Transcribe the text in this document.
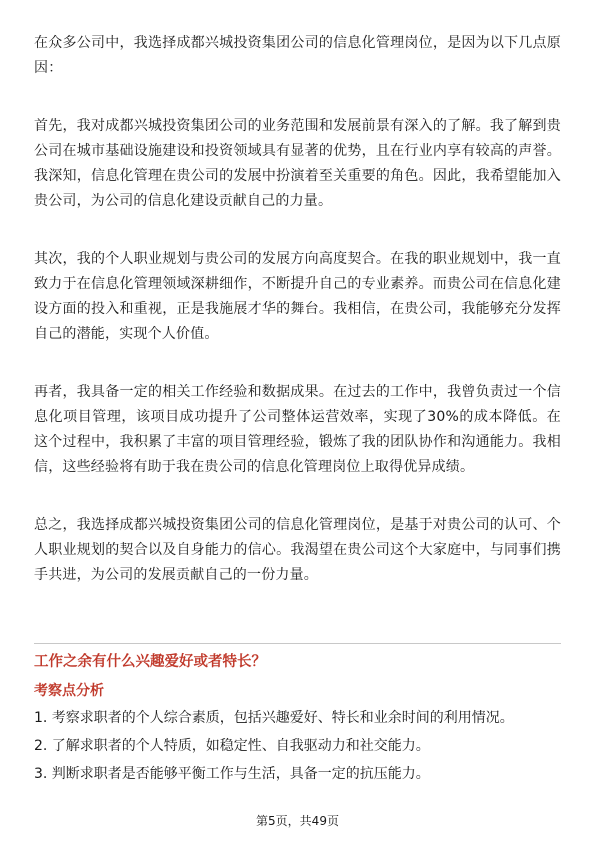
在众多公司中，我选择成都兴城投资集团公司的信息化管理岗位，是因为以下几点原因：

首先，我对成都兴城投资集团公司的业务范围和发展前景有深入的了解。我了解到贵公司在城市基础设施建设和投资领域具有显著的优势，且在行业内享有较高的声誉。我深知，信息化管理在贵公司的发展中扮演着至关重要的角色。因此，我希望能加入贵公司，为公司的信息化建设贡献自己的力量。

其次，我的个人职业规划与贵公司的发展方向高度契合。在我的职业规划中，我一直致力于在信息化管理领域深耕细作，不断提升自己的专业素养。而贵公司在信息化建设方面的投入和重视，正是我施展才华的舞台。我相信，在贵公司，我能够充分发挥自己的潜能，实现个人价值。

再者，我具备一定的相关工作经验和数据成果。在过去的工作中，我曾负责过一个信息化项目管理，该项目成功提升了公司整体运营效率，实现了30%的成本降低。在这个过程中，我积累了丰富的项目管理经验，锻炼了我的团队协作和沟通能力。我相信，这些经验将有助于我在贵公司的信息化管理岗位上取得优异成绩。

总之，我选择成都兴城投资集团公司的信息化管理岗位，是基于对贵公司的认可、个人职业规划的契合以及自身能力的信心。我渴望在贵公司这个大家庭中，与同事们携手共进，为公司的发展贡献自己的一份力量。

工作之余有什么兴趣爱好或者特长？

考察点分析

1. 考察求职者的个人综合素质，包括兴趣爱好、特长和业余时间的利用情况。
2. 了解求职者的个人特质，如稳定性、自我驱动力和社交能力。
3. 判断求职者是否能够平衡工作与生活，具备一定的抗压能力。
第5页，共49页
